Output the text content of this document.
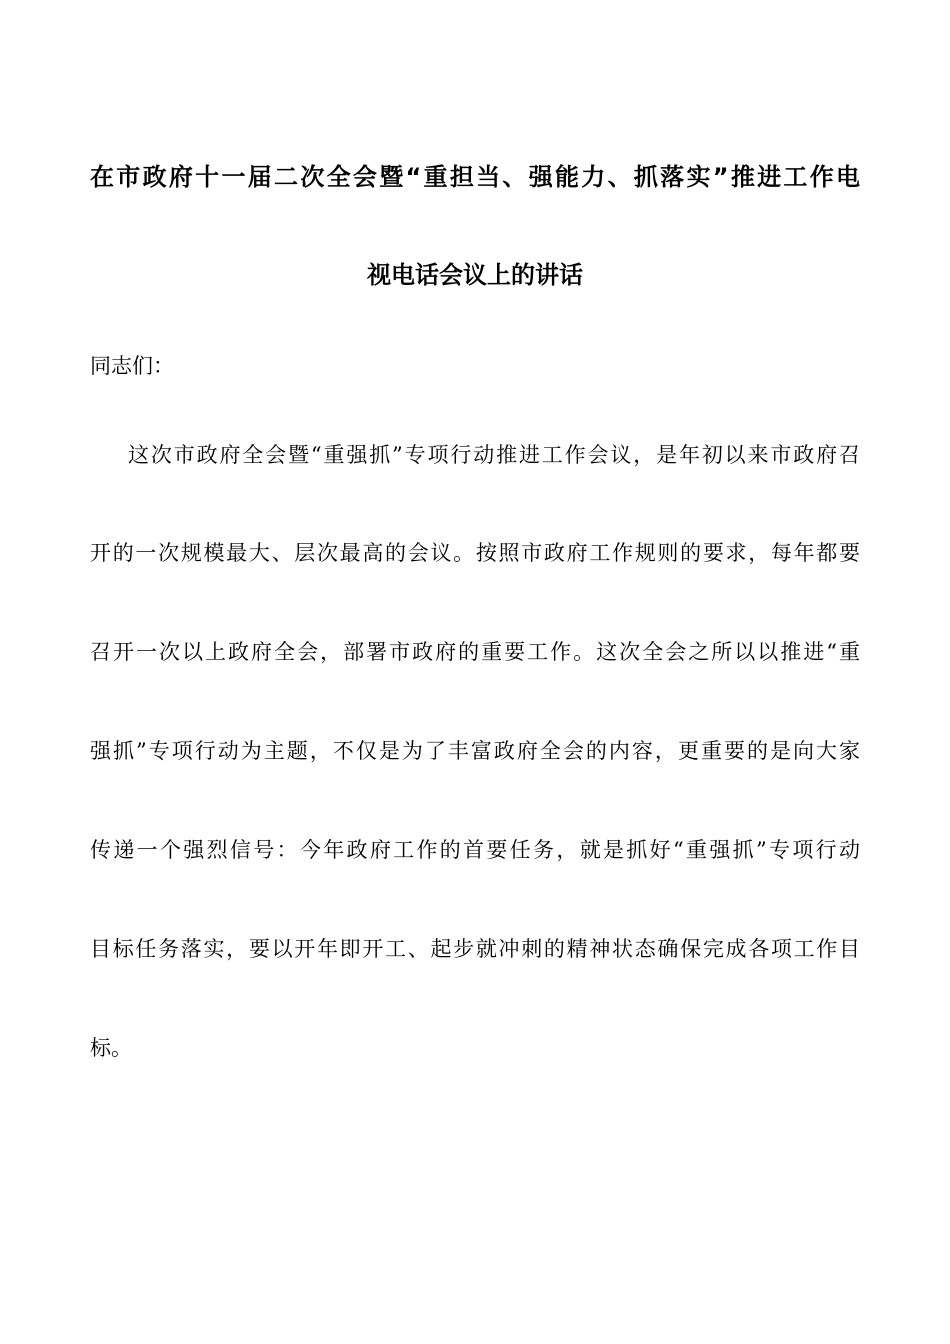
在市政府十一届二次全会暨“重担当、强能力、抓落实”推进工作电
视电话会议上的讲话
同志们：
这次市政府全会暨“重强抓”专项行动推进工作会议，是年初以来市政府召
开的一次规模最大、层次最高的会议。按照市政府工作规则的要求，每年都要
召开一次以上政府全会，部署市政府的重要工作。这次全会之所以以推进“重
强抓”专项行动为主题，不仅是为了丰富政府全会的内容，更重要的是向大家
传递一个强烈信号：今年政府工作的首要任务，就是抓好“重强抓”专项行动
目标任务落实，要以开年即开工、起步就冲刺的精神状态确保完成各项工作目
标。
